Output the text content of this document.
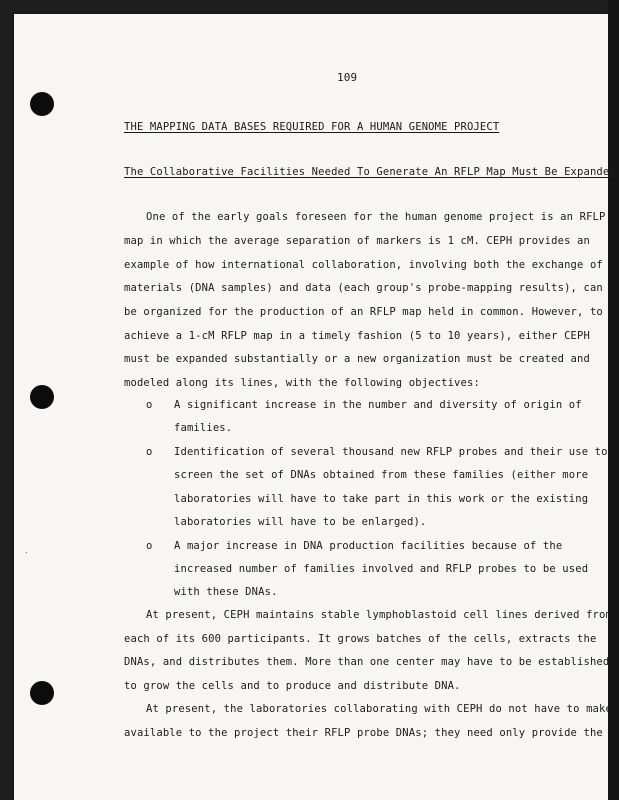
109
THE MAPPING DATA BASES REQUIRED FOR A HUMAN GENOME PROJECT
The Collaborative Facilities Needed To Generate An RFLP Map Must Be Expanded
One of the early goals foreseen for the human genome project is an RFLP
map in which the average separation of markers is 1 cM. CEPH provides an
example of how international collaboration, involving both the exchange of
materials (DNA samples) and data (each group's probe-mapping results), can
be organized for the production of an RFLP map held in common. However, to
achieve a 1-cM RFLP map in a timely fashion (5 to 10 years), either CEPH
must be expanded substantially or a new organization must be created and
modeled along its lines, with the following objectives:
o A significant increase in the number and diversity of origin of
families.
o Identification of several thousand new RFLP probes and their use to
screen the set of DNAs obtained from these families (either more
laboratories will have to take part in this work or the existing
laboratories will have to be enlarged).
o A major increase in DNA production facilities because of the
increased number of families involved and RFLP probes to be used
with these DNAs.
At present, CEPH maintains stable lymphoblastoid cell lines derived from
each of its 600 participants. It grows batches of the cells, extracts the
DNAs, and distributes them. More than one center may have to be established
to grow the cells and to produce and distribute DNA.
At present, the laboratories collaborating with CEPH do not have to make
available to the project their RFLP probe DNAs; they need only provide the
